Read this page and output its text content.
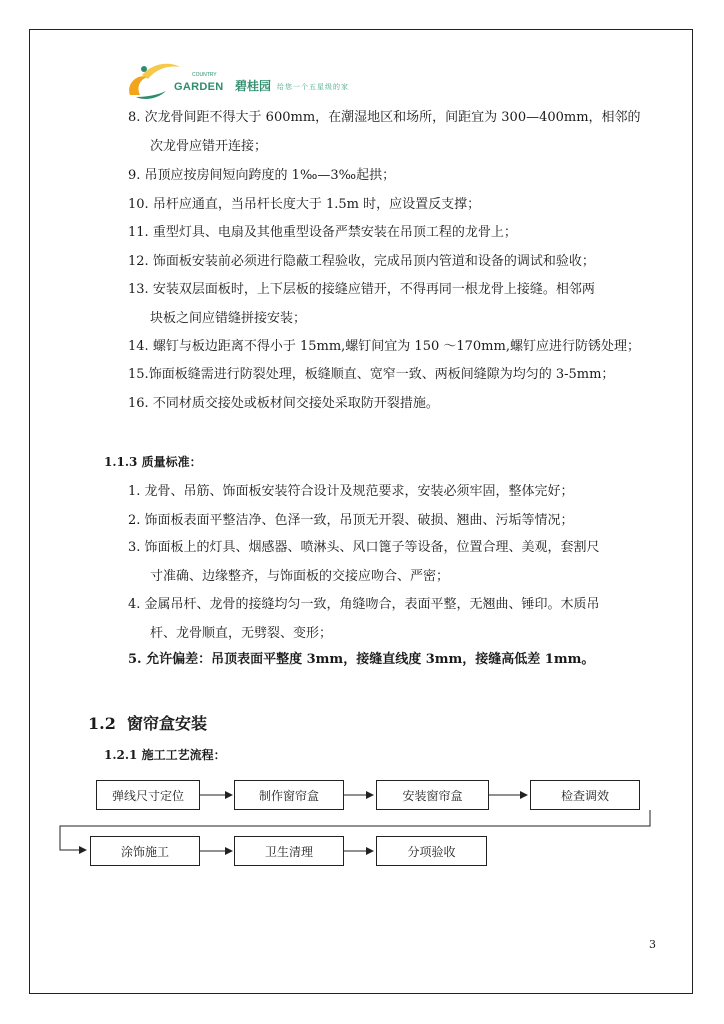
COUNTRY
GARDEN 碧桂园 给您一个五星级的家
8. 次龙骨间距不得大于 600mm，在潮湿地区和场所，间距宜为 300—400mm，相邻的
次龙骨应错开连接；
9. 吊顶应按房间短向跨度的 1‰—3‰起拱；
10. 吊杆应通直，当吊杆长度大于 1.5m 时，应设置反支撑；
11. 重型灯具、电扇及其他重型设备严禁安装在吊顶工程的龙骨上；
12. 饰面板安装前必须进行隐蔽工程验收，完成吊顶内管道和设备的调试和验收；
13. 安装双层面板时，上下层板的接缝应错开，不得再同一根龙骨上接缝。相邻两
块板之间应错缝拼接安装；
14. 螺钉与板边距离不得小于 15mm,螺钉间宜为 150 ～170mm,螺钉应进行防锈处理；
15.饰面板缝需进行防裂处理，板缝顺直、宽窄一致、两板间缝隙为均匀的 3-5mm；
16. 不同材质交接处或板材间交接处采取防开裂措施。
1.1.3 质量标准：
1. 龙骨、吊筋、饰面板安装符合设计及规范要求，安装必须牢固，整体完好；
2. 饰面板表面平整洁净、色泽一致，吊顶无开裂、破损、翘曲、污垢等情况；
3. 饰面板上的灯具、烟感器、喷淋头、风口篦子等设备，位置合理、美观，套割尺
寸准确、边缘整齐，与饰面板的交接应吻合、严密；
4. 金属吊杆、龙骨的接缝均匀一致，角缝吻合，表面平整，无翘曲、锤印。木质吊
杆、龙骨顺直，无劈裂、变形；
5. 允许偏差：吊顶表面平整度 3mm，接缝直线度 3mm，接缝高低差 1mm。
1.2 窗帘盒安装
1.2.1 施工工艺流程：
弹线尺寸定位	制作窗帘盒	安装窗帘盒	检查调效
涂饰施工	卫生清理	分项验收
3
